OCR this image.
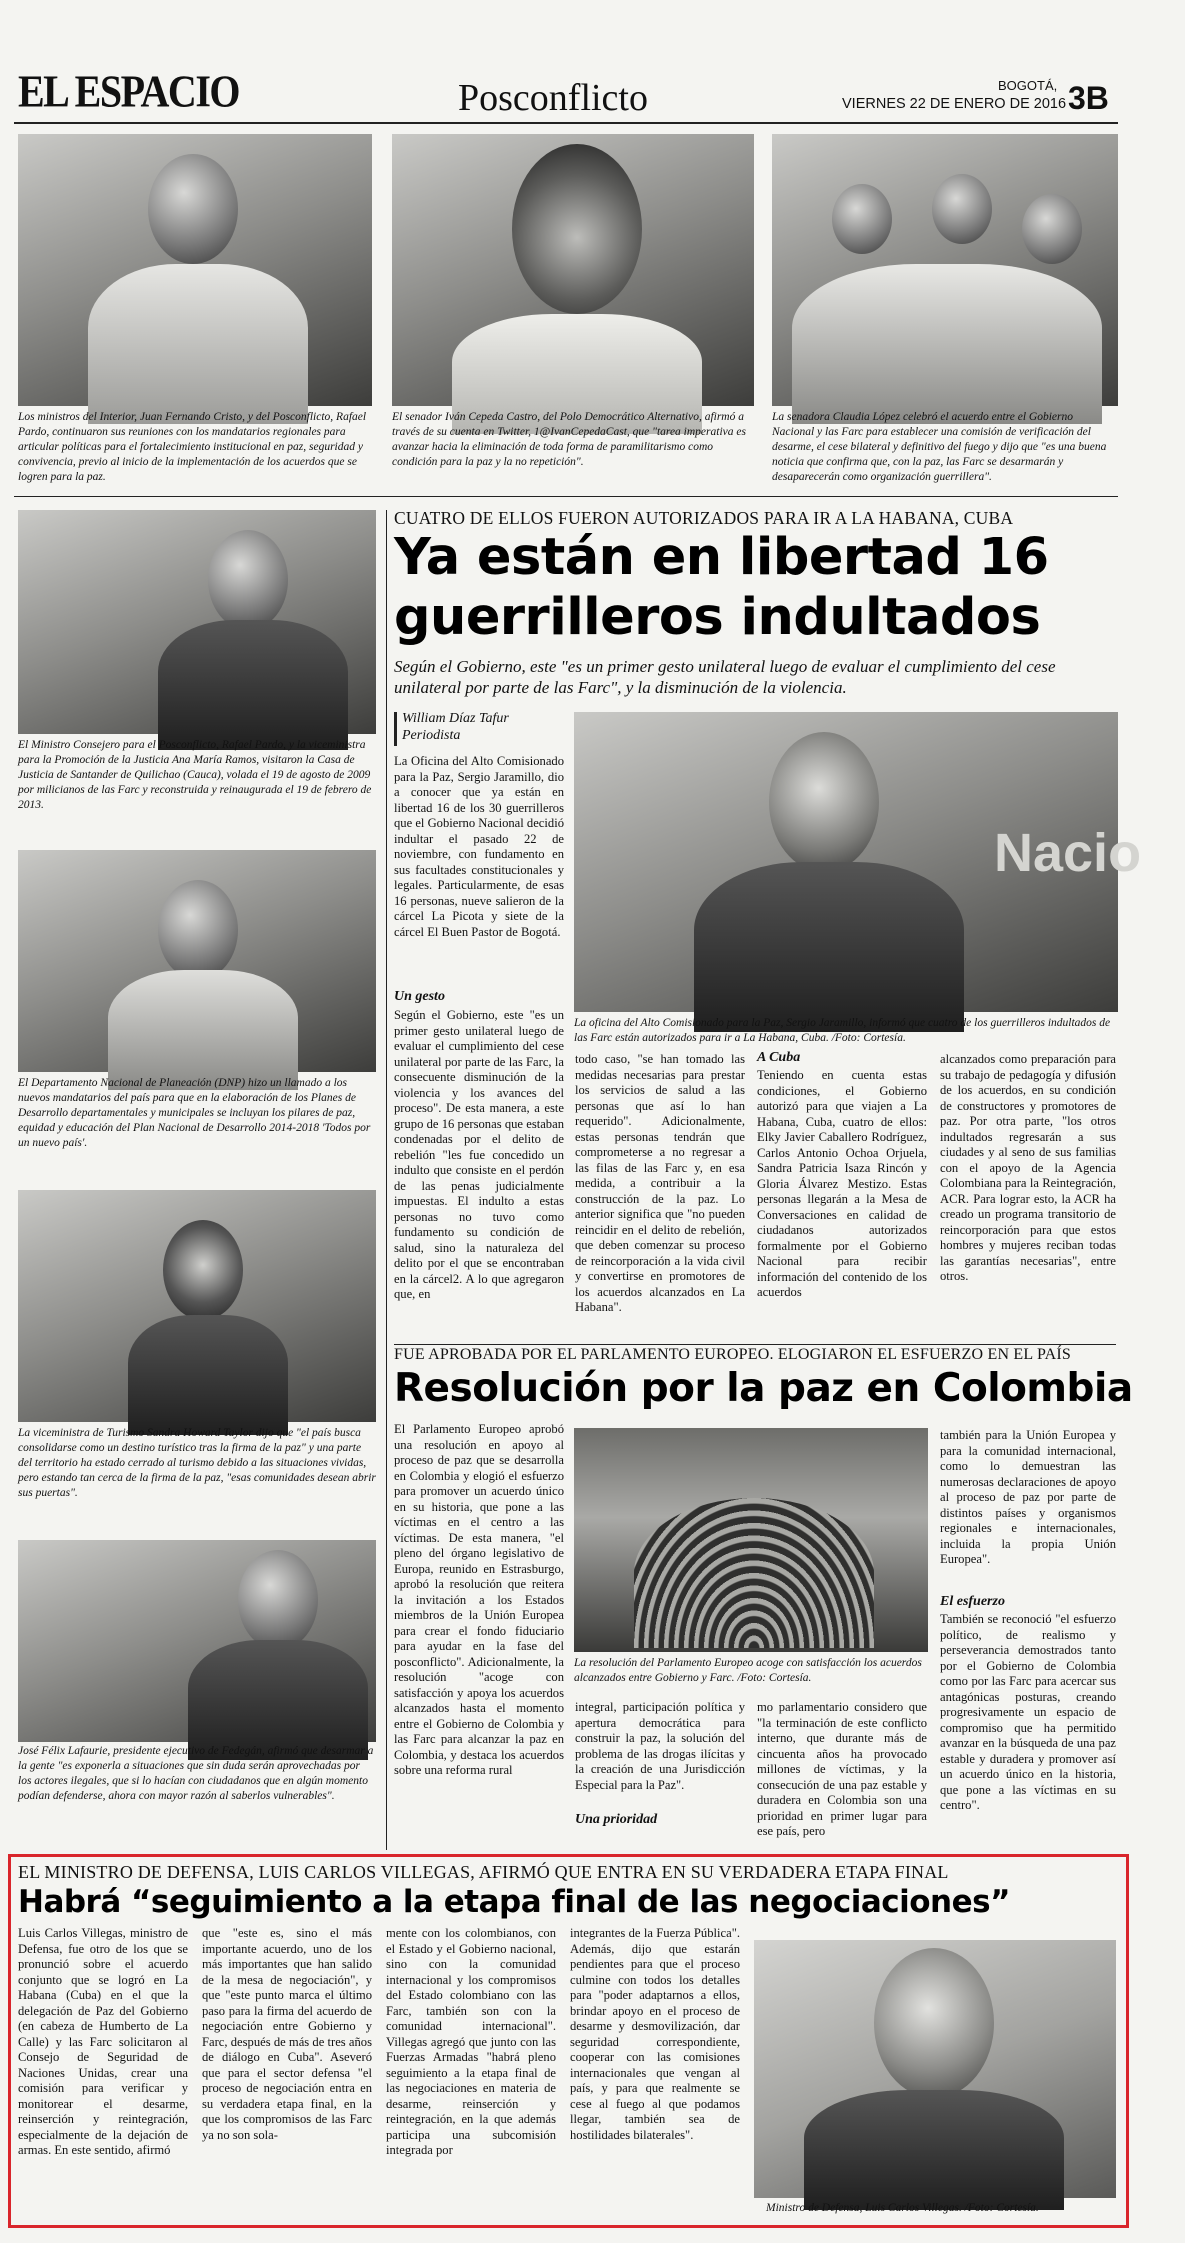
EL ESPACIO	Posconflicto	BOGOTÁ,
VIERNES 22 DE ENERO DE 2016 3B

Los ministros del Interior, Juan Fernando Cristo, y del Posconflicto, Rafael Pardo, continuaron sus reuniones con los mandatarios regionales para articular políticas para el fortalecimiento institucional en paz, seguridad y convivencia, previo al inicio de la implementación de los acuerdos que se logren para la paz.

El senador Iván Cepeda Castro, del Polo Democrático Alternativo, afirmó a través de su cuenta en Twitter, 1@IvanCepedaCast, que "tarea imperativa es avanzar hacia la eliminación de toda forma de paramilitarismo como condición para la paz y la no repetición".

La senadora Claudia López celebró el acuerdo entre el Gobierno Nacional y las Farc para establecer una comisión de verificación del desarme, el cese bilateral y definitivo del fuego y dijo que "es una buena noticia que confirma que, con la paz, las Farc se desarmarán y desaparecerán como organización guerrillera".

El Ministro Consejero para el Posconflicto, Rafael Pardo, y la viceministra para la Promoción de la Justicia Ana María Ramos, visitaron la Casa de Justicia de Santander de Quilichao (Cauca), volada el 19 de agosto de 2009 por milicianos de las Farc y reconstruida y reinaugurada el 19 de febrero de 2013.

El Departamento Nacional de Planeación (DNP) hizo un llamado a los nuevos mandatarios del país para que en la elaboración de los Planes de Desarrollo departamentales y municipales se incluyan los pilares de paz, equidad y educación del Plan Nacional de Desarrollo 2014-2018 'Todos por un nuevo país'.

La viceministra de Turismo Sandra Howard Taylor dijo que "el país busca consolidarse como un destino turístico tras la firma de la paz" y una parte del territorio ha estado cerrado al turismo debido a las situaciones vividas, pero estando tan cerca de la firma de la paz, "esas comunidades desean abrir sus puertas".

José Félix Lafaurie, presidente ejecutivo de Fedegán, afirmó que desarmar a la gente "es exponerla a situaciones que sin duda serán aprovechadas por los actores ilegales, que si lo hacían con ciudadanos que en algún momento podían defenderse, ahora con mayor razón al saberlos vulnerables".

CUATRO DE ELLOS FUERON AUTORIZADOS PARA IR A LA HABANA, CUBA
Ya están en libertad 16
guerrilleros indultados

Según el Gobierno, este "es un primer gesto unilateral luego de evaluar el cumplimiento del cese unilateral por parte de las Farc", y la disminución de la violencia.

William Díaz Tafur
Periodista

La Oficina del Alto Comisionado para la Paz, Sergio Jaramillo, dio a conocer que ya están en libertad 16 de los 30 guerrilleros que el Gobierno Nacional decidió indultar el pasado 22 de noviembre, con fundamento en sus facultades constitucionales y legales. Particularmente, de esas 16 personas, nueve salieron de la cárcel La Picota y siete de la cárcel El Buen Pastor de Bogotá.

Un gesto

Según el Gobierno, este "es un primer gesto unilateral luego de evaluar el cumplimiento del cese unilateral por parte de las Farc, la consecuente disminución de la violencia y los avances del proceso". De esta manera, a este grupo de 16 personas que estaban condenadas por el delito de rebelión "les fue concedido un indulto que consiste en el perdón de las penas judicialmente impuestas. El indulto a estas personas no tuvo como fundamento su condición de salud, sino la naturaleza del delito por el que se encontraban en la cárcel2. A lo que agregaron que, en

Nacio

La oficina del Alto Comisionado para la Paz, Sergio Jaramillo, informó que cuatro de los guerrilleros indultados de las Farc están autorizados para ir a La Habana, Cuba. /Foto: Cortesía.

todo caso, "se han tomado las medidas necesarias para prestar los servicios de salud a las personas que así lo han requerido". Adicionalmente, estas personas tendrán que comprometerse a no regresar a las filas de las Farc y, en esa medida, a contribuir a la construcción de la paz. Lo anterior significa que "no pueden reincidir en el delito de rebelión, que deben comenzar su proceso de reincorporación a la vida civil y convertirse en promotores de los acuerdos alcanzados en La Habana".

A Cuba

Teniendo en cuenta estas condiciones, el Gobierno autorizó para que viajen a La Habana, Cuba, cuatro de ellos: Elky Javier Caballero Rodríguez, Carlos Antonio Ochoa Orjuela, Sandra Patricia Isaza Rincón y Gloria Álvarez Mestizo. Estas personas llegarán a la Mesa de Conversaciones en calidad de ciudadanos autorizados formalmente por el Gobierno Nacional para recibir información del contenido de los acuerdos

alcanzados como preparación para su trabajo de pedagogía y difusión de los acuerdos, en su condición de constructores y promotores de paz. Por otra parte, "los otros indultados regresarán a sus ciudades y al seno de sus familias con el apoyo de la Agencia Colombiana para la Reintegración, ACR. Para lograr esto, la ACR ha creado un programa transitorio de reincorporación para que estos hombres y mujeres reciban todas las garantías necesarias", entre otros.

FUE APROBADA POR EL PARLAMENTO EUROPEO. ELOGIARON EL ESFUERZO EN EL PAÍS
Resolución por la paz en Colombia

El Parlamento Europeo aprobó una resolución en apoyo al proceso de paz que se desarrolla en Colombia y elogió el esfuerzo para promover un acuerdo único en su historia, que pone a las víctimas en el centro a las víctimas. De esta manera, "el pleno del órgano legislativo de Europa, reunido en Estrasburgo, aprobó la resolución que reitera la invitación a los Estados miembros de la Unión Europea para crear el fondo fiduciario para ayudar en la fase del posconflicto". Adicionalmente, la resolución "acoge con satisfacción y apoya los acuerdos alcanzados hasta el momento entre el Gobierno de Colombia y las Farc para alcanzar la paz en Colombia, y destaca los acuerdos sobre una reforma rural

La resolución del Parlamento Europeo acoge con satisfacción los acuerdos alcanzados entre Gobierno y Farc. /Foto: Cortesía.

integral, participación política y apertura democrática para construir la paz, la solución del problema de las drogas ilícitas y la creación de una Jurisdicción Especial para la Paz".

Una prioridad

mo parlamentario considero que "la terminación de este conflicto interno, que durante más de cincuenta años ha provocado millones de víctimas, y la consecución de una paz estable y duradera en Colombia son una prioridad en primer lugar para ese país, pero

también para la Unión Europea y para la comunidad internacional, como lo demuestran las numerosas declaraciones de apoyo al proceso de paz por parte de distintos países y organismos regionales e internacionales, incluida la propia Unión Europea".

El esfuerzo

También se reconoció "el esfuerzo político, de realismo y perseverancia demostrados tanto por el Gobierno de Colombia como por las Farc para acercar sus antagónicas posturas, creando progresivamente un espacio de compromiso que ha permitido avanzar en la búsqueda de una paz estable y duradera y promover así un acuerdo único en la historia, que pone a las víctimas en su centro".

EL MINISTRO DE DEFENSA, LUIS CARLOS VILLEGAS, AFIRMÓ QUE ENTRA EN SU VERDADERA ETAPA FINAL
Habrá “seguimiento a la etapa final de las negociaciones”

Luis Carlos Villegas, ministro de Defensa, fue otro de los que se pronunció sobre el acuerdo conjunto que se logró en La Habana (Cuba) en el que la delegación de Paz del Gobierno (en cabeza de Humberto de La Calle) y las Farc solicitaron al Consejo de Seguridad de Naciones Unidas, crear una comisión para verificar y monitorear el desarme, reinserción y reintegración, especialmente de la dejación de armas. En este sentido, afirmó

que "este es, sino el más importante acuerdo, uno de los más importantes que han salido de la mesa de negociación", y que "este punto marca el último paso para la firma del acuerdo de negociación entre Gobierno y Farc, después de más de tres años de diálogo en Cuba". Aseveró que para el sector defensa "el proceso de negociación entra en su verdadera etapa final, en la que los compromisos de las Farc ya no son sola-

mente con los colombianos, con el Estado y el Gobierno nacional, sino con la comunidad internacional y los compromisos del Estado colombiano con las Farc, también son con la comunidad internacional". Villegas agregó que junto con las Fuerzas Armadas "habrá pleno seguimiento a la etapa final de las negociaciones en materia de desarme, reinserción y reintegración, en la que además participa una subcomisión integrada por

integrantes de la Fuerza Pública". Además, dijo que estarán pendientes para que el proceso culmine con todos los detalles para "poder adaptarnos a ellos, brindar apoyo en el proceso de desarme y desmovilización, dar seguridad correspondiente, cooperar con las comisiones internacionales que vengan al país, y para que realmente se cese al fuego al que podamos llegar, también sea de hostilidades bilaterales".

Ministro de Defensa, Luis Carlos Villegas. /Foto: Cortesía.
